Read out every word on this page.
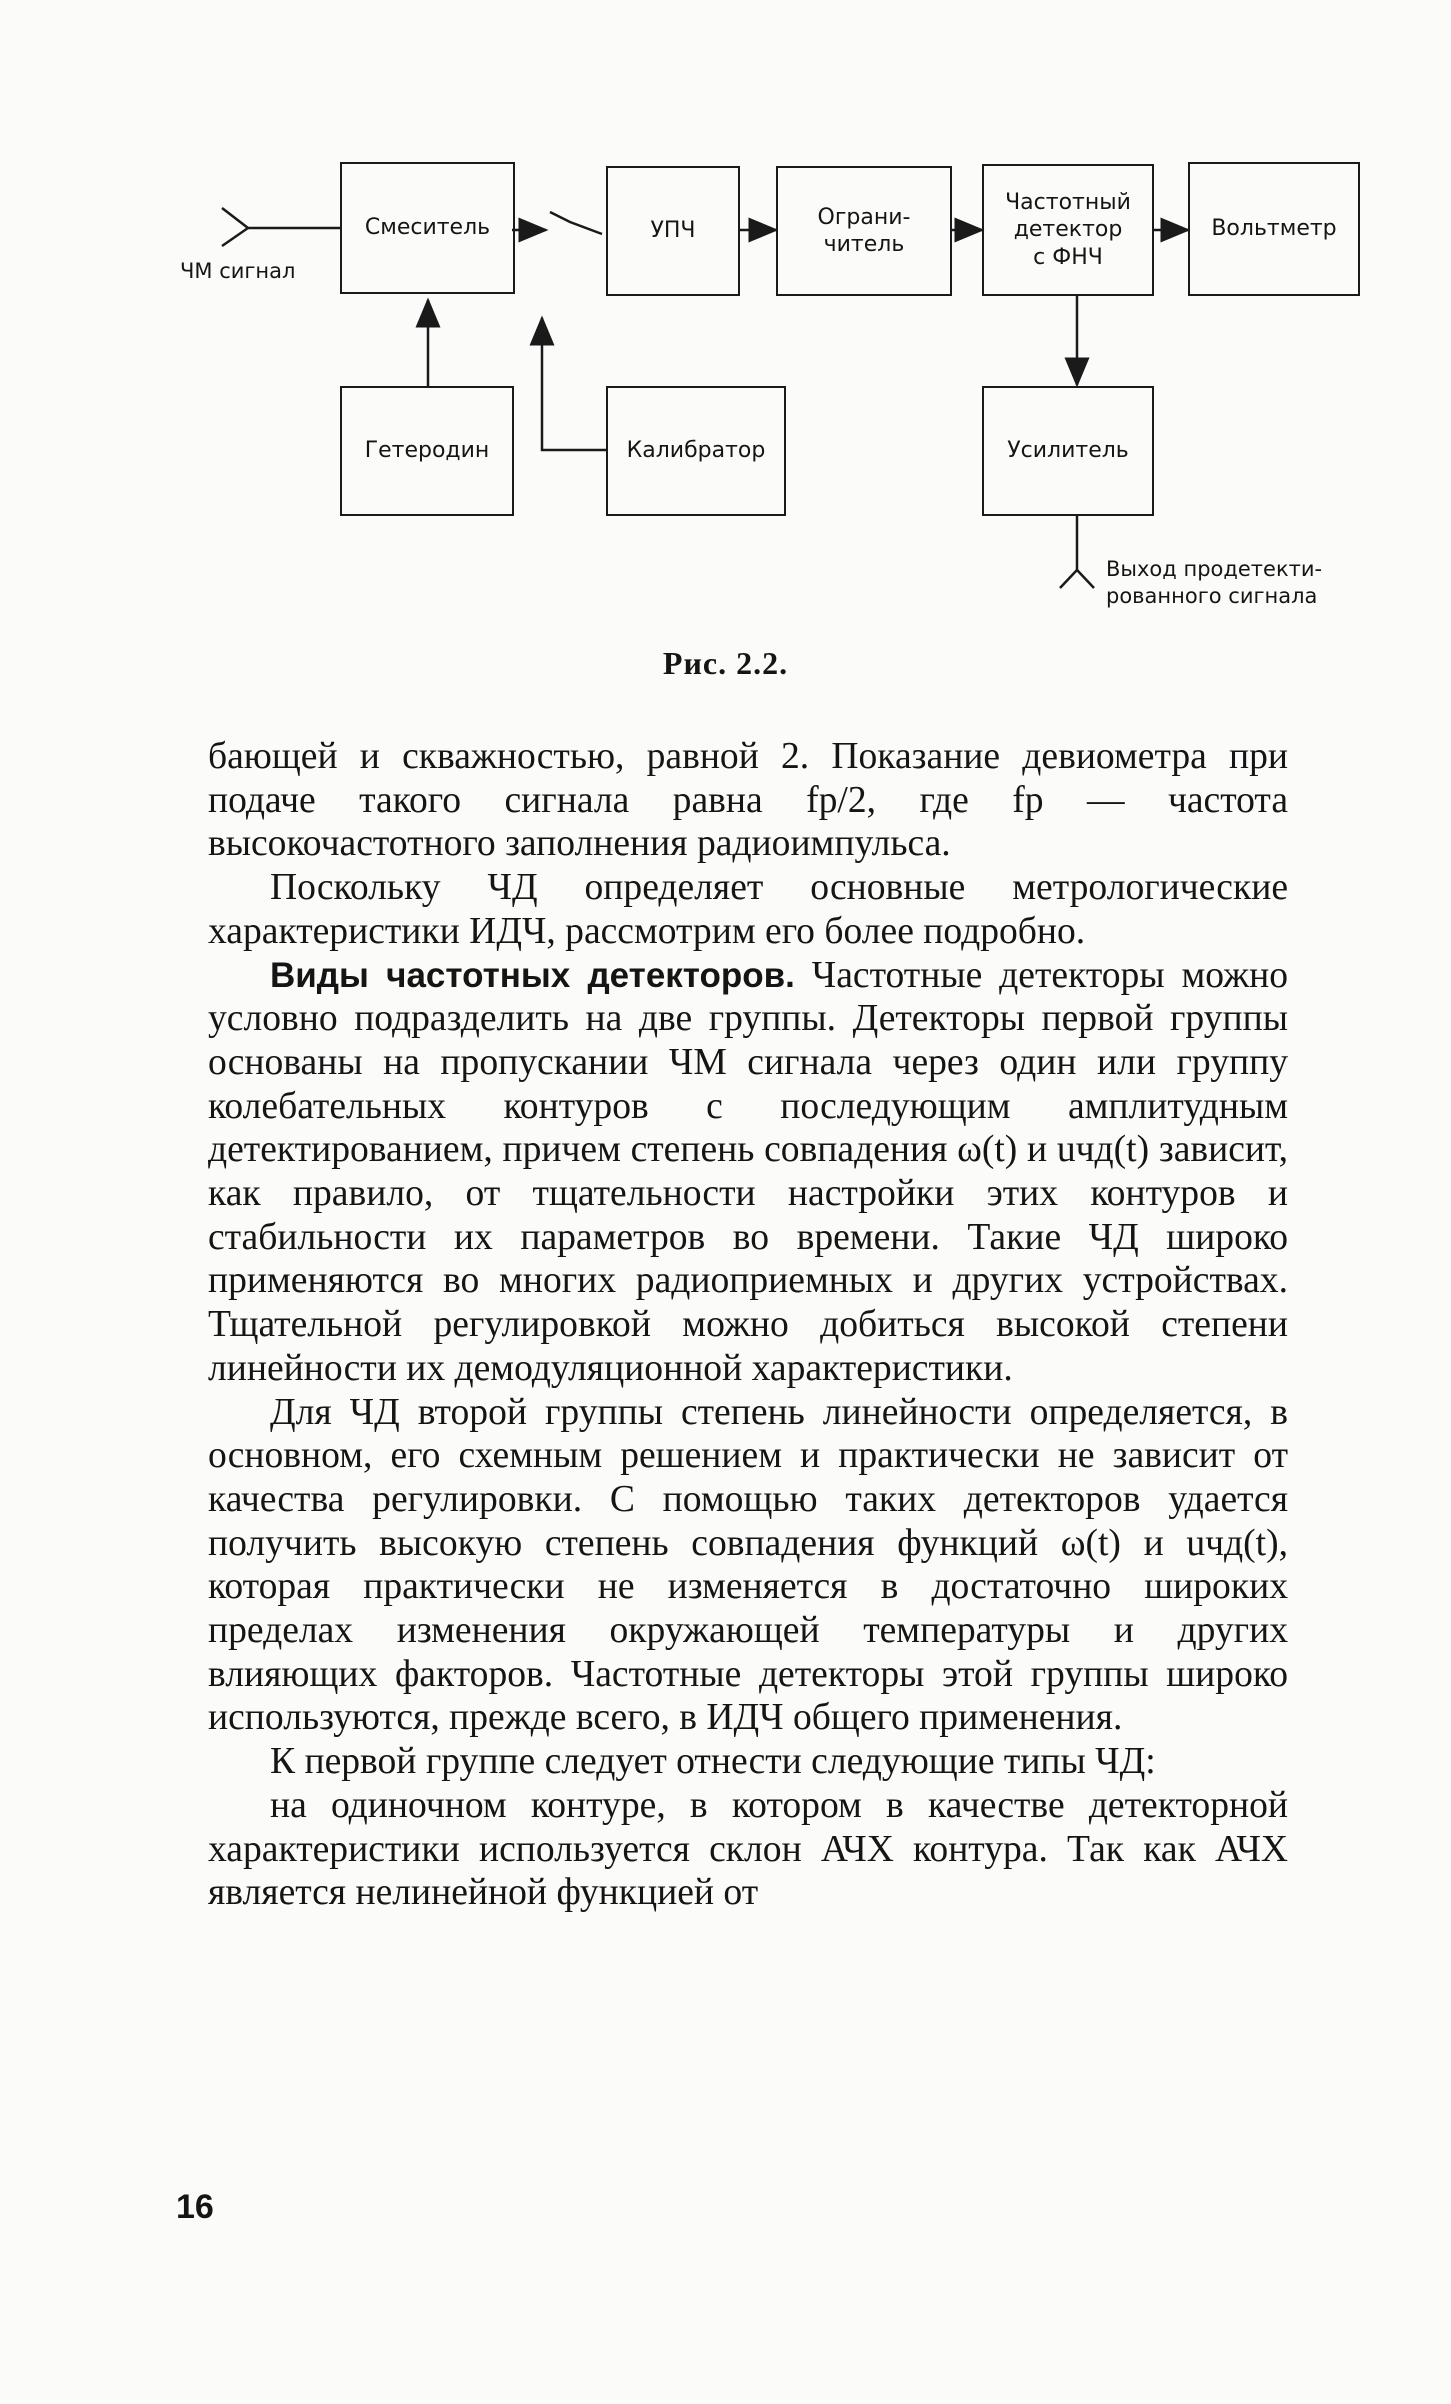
Смеситель	УПЧ
Ограни-
читель
Частотный
детектор
с ФНЧ
Вольтметр
Гетеродин	Калибратор	Усилитель
ЧМ сигнал
Выход продетекти-
рованного сигнала
Рис. 2.2.

бающей и скважностью, равной 2. Показание девиометра при подаче такого сигнала равна fр/2, где fр — частота высокочастотного заполнения радиоимпульса.

Поскольку ЧД определяет основные метрологические характеристики ИДЧ, рассмотрим его более подробно.

Виды частотных детекторов. Частотные детекторы можно условно подразделить на две группы. Детекторы первой группы основаны на пропускании ЧМ сигнала через один или группу колебательных контуров с последующим амплитудным детектированием, причем степень совпадения ω(t) и uчд(t) зависит, как правило, от тщательности настройки этих контуров и стабильности их параметров во времени. Такие ЧД широко применяются во многих радиоприемных и других устройствах. Тщательной регулировкой можно добиться высокой степени линейности их демодуляционной характеристики.

Для ЧД второй группы степень линейности определяется, в основном, его схемным решением и практически не зависит от качества регулировки. С помощью таких детекторов удается получить высокую степень совпадения функций ω(t) и uчд(t), которая практически не изменяется в достаточно широких пределах изменения окружающей температуры и других влияющих факторов. Частотные детекторы этой группы широко используются, прежде всего, в ИДЧ общего применения.

К первой группе следует отнести следующие типы ЧД:

на одиночном контуре, в котором в качестве детекторной характеристики используется склон АЧХ контура. Так как АЧХ является нелинейной функцией от

16
